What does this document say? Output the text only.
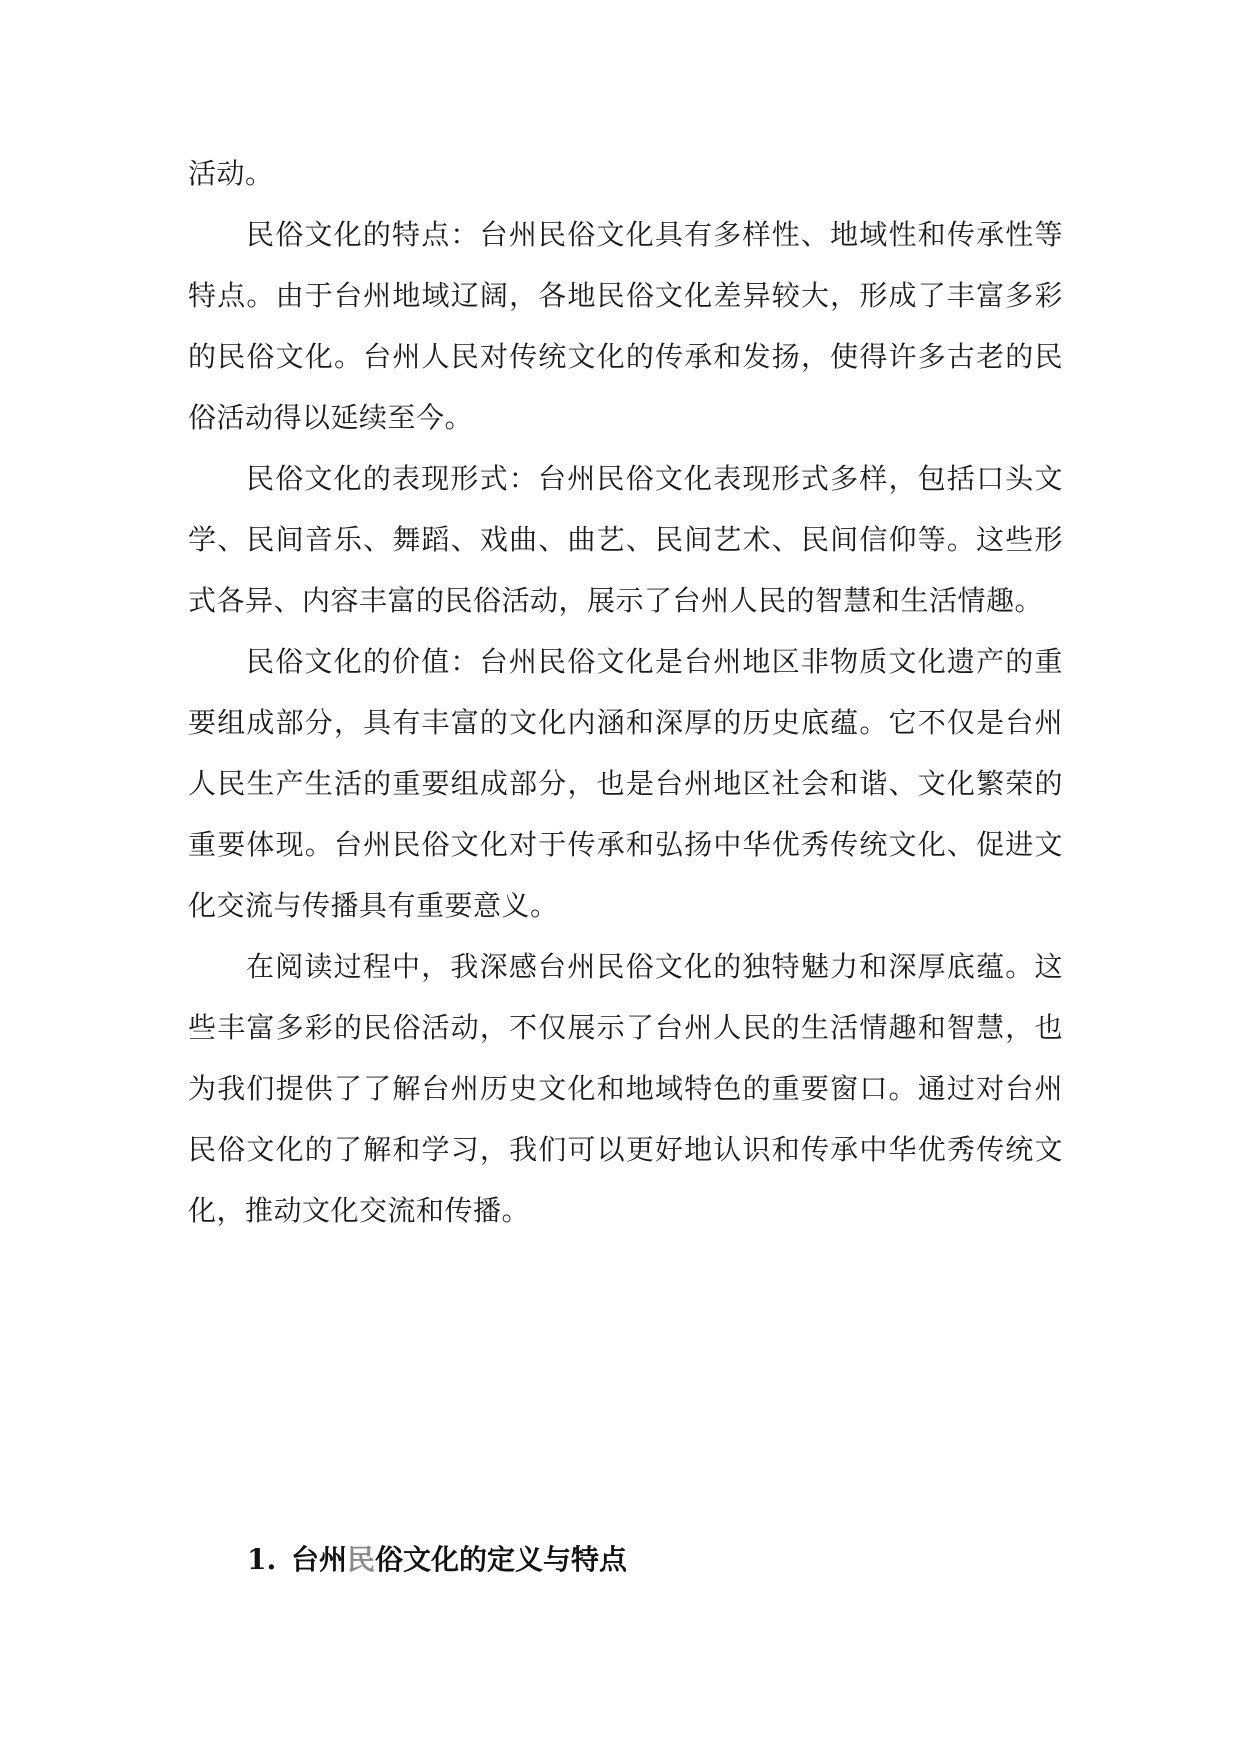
活动。

民俗文化的特点：台州民俗文化具有多样性、地域性和传承性等特点。由于台州地域辽阔，各地民俗文化差异较大，形成了丰富多彩的民俗文化。台州人民对传统文化的传承和发扬，使得许多古老的民俗活动得以延续至今。

民俗文化的表现形式：台州民俗文化表现形式多样，包括口头文学、民间音乐、舞蹈、戏曲、曲艺、民间艺术、民间信仰等。这些形式各异、内容丰富的民俗活动，展示了台州人民的智慧和生活情趣。

民俗文化的价值：台州民俗文化是台州地区非物质文化遗产的重要组成部分，具有丰富的文化内涵和深厚的历史底蕴。它不仅是台州人民生产生活的重要组成部分，也是台州地区社会和谐、文化繁荣的重要体现。台州民俗文化对于传承和弘扬中华优秀传统文化、促进文化交流与传播具有重要意义。

在阅读过程中，我深感台州民俗文化的独特魅力和深厚底蕴。这些丰富多彩的民俗活动，不仅展示了台州人民的生活情趣和智慧，也为我们提供了了解台州历史文化和地域特色的重要窗口。通过对台州民俗文化的了解和学习，我们可以更好地认识和传承中华优秀传统文化，推动文化交流和传播。

1. 台州民俗文化的定义与特点
